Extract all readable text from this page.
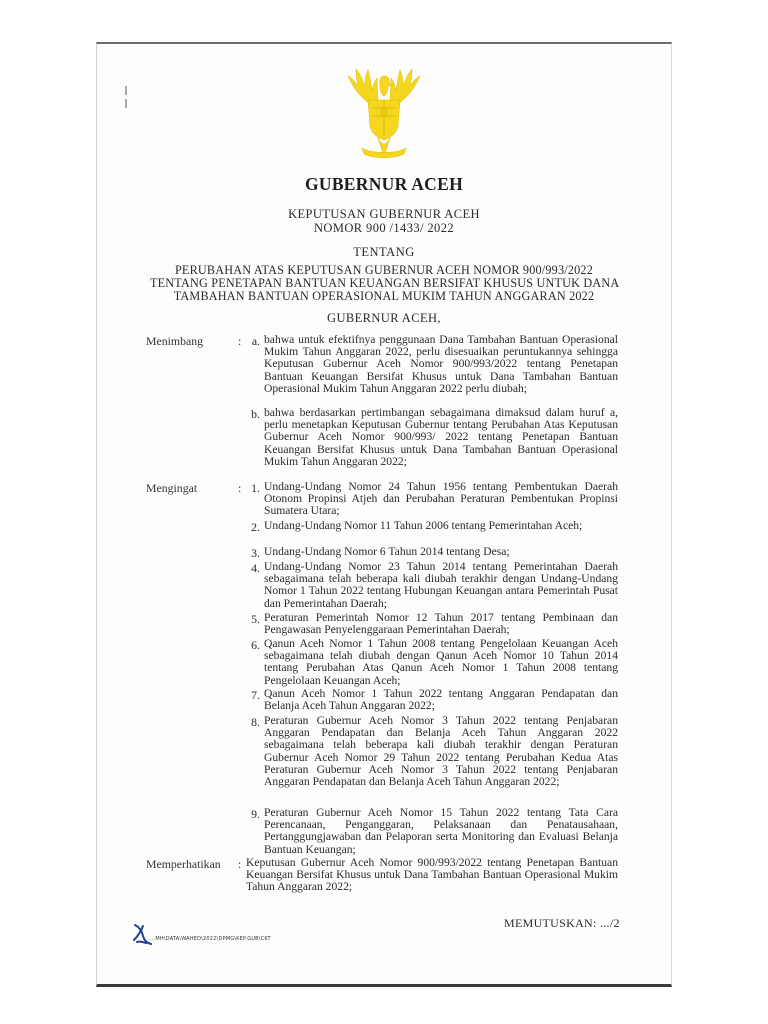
GUBERNUR ACEH
KEPUTUSAN GUBERNUR ACEH
NOMOR 900 /1433/ 2022
TENTANG
PERUBAHAN ATAS KEPUTUSAN GUBERNUR ACEH NOMOR 900/993/2022
TENTANG PENETAPAN BANTUAN KEUANGAN BERSIFAT KHUSUS UNTUK DANA
TAMBAHAN BANTUAN OPERASIONAL MUKIM TAHUN ANGGARAN 2022
GUBERNUR ACEH,
Menimbang	: a. bahwa untuk efektifnya penggunaan Dana Tambahan Bantuan Operasional Mukim Tahun Anggaran 2022, perlu disesuaikan peruntukannya sehingga Keputusan Gubernur Aceh Nomor 900/993/2022 tentang Penetapan Bantuan Keuangan Bersifat Khusus untuk Dana Tambahan Bantuan Operasional Mukim Tahun Anggaran 2022 perlu diubah;
b. bahwa berdasarkan pertimbangan sebagaimana dimaksud dalam huruf a, perlu menetapkan Keputusan Gubernur tentang Perubahan Atas Keputusan Gubernur Aceh Nomor 900/993/ 2022 tentang Penetapan Bantuan Keuangan Bersifat Khusus untuk Dana Tambahan Bantuan Operasional Mukim Tahun Anggaran 2022;
Mengingat	: 1. Undang-Undang Nomor 24 Tahun 1956 tentang Pembentukan Daerah Otonom Propinsi Atjeh dan Perubahan Peraturan Pembentukan Propinsi Sumatera Utara;
2. Undang-Undang Nomor 11 Tahun 2006 tentang Pemerintahan Aceh;
3. Undang-Undang Nomor 6 Tahun 2014 tentang Desa;
4. Undang-Undang Nomor 23 Tahun 2014 tentang Pemerintahan Daerah sebagaimana telah beberapa kali diubah terakhir dengan Undang-Undang Nomor 1 Tahun 2022 tentang Hubungan Keuangan antara Pemerintah Pusat dan Pemerintahan Daerah;
5. Peraturan Pemerintah Nomor 12 Tahun 2017 tentang Pembinaan dan Pengawasan Penyelenggaraan Pemerintahan Daerah;
6. Qanun Aceh Nomor 1 Tahun 2008 tentang Pengelolaan Keuangan Aceh sebagaimana telah diubah dengan Qanun Aceh Nomor 10 Tahun 2014 tentang Perubahan Atas Qanun Aceh Nomor 1 Tahun 2008 tentang Pengelolaan Keuangan Aceh;
7. Qanun Aceh Nomor 1 Tahun 2022 tentang Anggaran Pendapatan dan Belanja Aceh Tahun Anggaran 2022;
8. Peraturan Gubernur Aceh Nomor 3 Tahun 2022 tentang Penjabaran Anggaran Pendapatan dan Belanja Aceh Tahun Anggaran 2022 sebagaimana telah beberapa kali diubah terakhir dengan Peraturan Gubernur Aceh Nomor 29 Tahun 2022 tentang Perubahan Kedua Atas Peraturan Gubernur Aceh Nomor 3 Tahun 2022 tentang Penjabaran Anggaran Pendapatan dan Belanja Aceh Tahun Anggaran 2022;
9. Peraturan Gubernur Aceh Nomor 15 Tahun 2022 tentang Tata Cara Perencanaan, Penganggaran, Pelaksanaan dan Penatausahaan, Pertanggungjawaban dan Pelaporan serta Monitoring dan Evaluasi Belanja Bantuan Keuangan;
Memperhatikan : Keputusan Gubernur Aceh Nomor 900/993/2022 tentang Penetapan Bantuan Keuangan Bersifat Khusus untuk Dana Tambahan Bantuan Operasional Mukim Tahun Anggaran 2022;
MEMUTUSKAN: .../2
...MH\DATA\WAHED\2022\DPMG\KEP.GUB\CKT
